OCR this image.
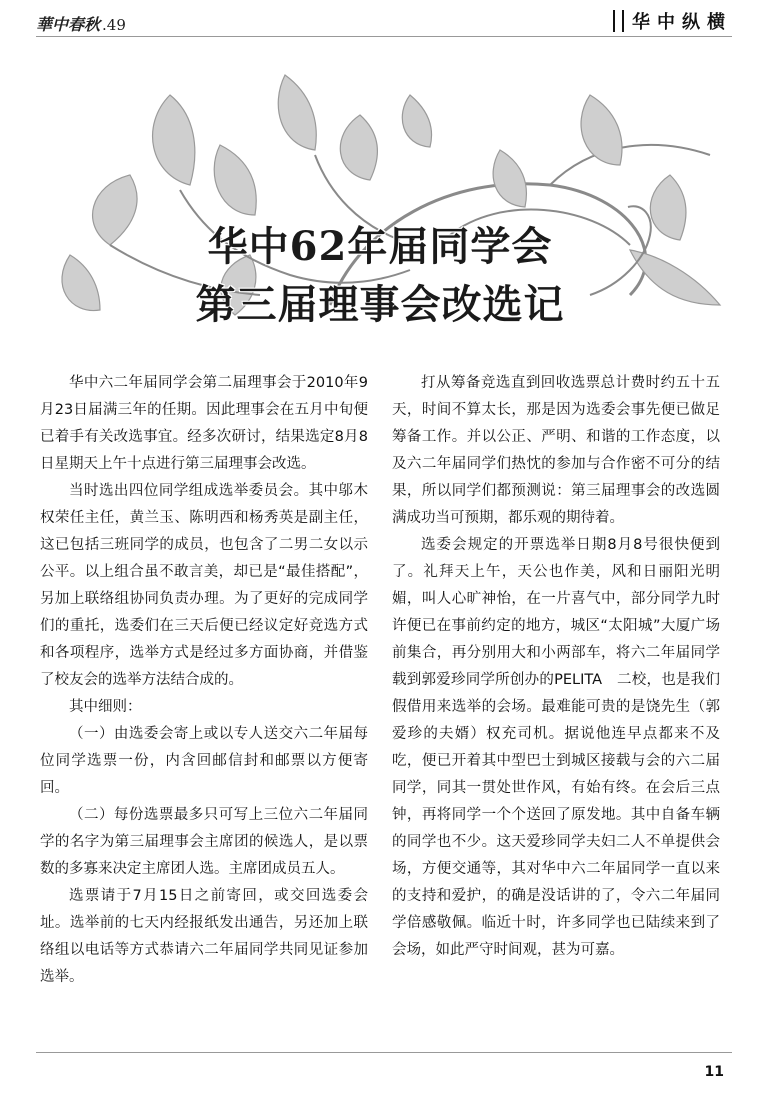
華中春秋 .49	华中纵横
华中62年届同学会
第三届理事会改选记

华中六二年届同学会第二届理事会于2010年9月23日届满三年的任期。因此理事会在五月中旬便已着手有关改选事宜。经多次研讨，结果选定8月8日星期天上午十点进行第三届理事会改选。

当时选出四位同学组成选举委员会。其中邬木权荣任主任，黄兰玉、陈明西和杨秀英是副主任，这已包括三班同学的成员，也包含了二男二女以示公平。以上组合虽不敢言美，却已是“最佳搭配”，另加上联络组协同负责办理。为了更好的完成同学们的重托，选委们在三天后便已经议定好竞选方式和各项程序，选举方式是经过多方面协商，并借鉴了校友会的选举方法结合成的。

其中细则：

（一）由选委会寄上或以专人送交六二年届每位同学选票一份，内含回邮信封和邮票以方便寄回。

（二）每份选票最多只可写上三位六二年届同学的名字为第三届理事会主席团的候选人，是以票数的多寡来决定主席团人选。主席团成员五人。

选票请于7月15日之前寄回，或交回选委会址。选举前的七天内经报纸发出通告，另还加上联络组以电话等方式恭请六二年届同学共同见证参加选举。

打从筹备竞选直到回收选票总计费时约五十五天，时间不算太长，那是因为选委会事先便已做足筹备工作。并以公正、严明、和谐的工作态度，以及六二年届同学们热忱的参加与合作密不可分的结果，所以同学们都预测说：第三届理事会的改选圆满成功当可预期，都乐观的期待着。

选委会规定的开票选举日期8月8号很快便到了。礼拜天上午，天公也作美，风和日丽阳光明媚，叫人心旷神怡，在一片喜气中，部分同学九时许便已在事前约定的地方，城区“太阳城”大厦广场前集合，再分别用大和小两部车，将六二年届同学载到郭爱珍同学所创办的PELITA　二校，也是我们假借用来选举的会场。最难能可贵的是饶先生（郭爱珍的夫婿）权充司机。据说他连早点都来不及吃，便已开着其中型巴士到城区接载与会的六二届同学，同其一贯处世作风，有始有终。在会后三点钟，再将同学一个个送回了原发地。其中自备车辆的同学也不少。这天爱珍同学夫妇二人不单提供会场，方便交通等，其对华中六二年届同学一直以来的支持和爱护，的确是没话讲的了，令六二年届同学倍感敬佩。临近十时，许多同学也已陆续来到了会场，如此严守时间观，甚为可嘉。

11
